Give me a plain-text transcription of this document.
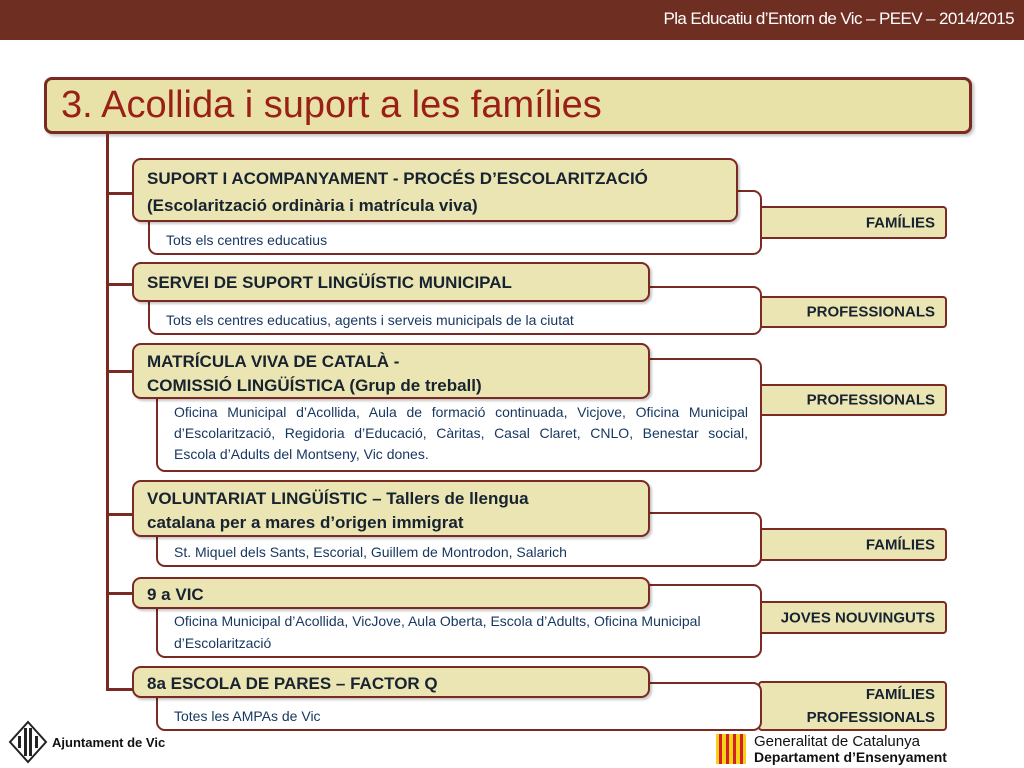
Pla Educatiu d’Entorn de Vic – PEEV – 2014/2015
3. Acollida i suport a les famílies
FAMÍLIES
Tots els centres educatius
SUPORT I ACOMPANYAMENT - PROCÉS D’ESCOLARITZACIÓ
(Escolarització ordinària i matrícula viva)
PROFESSIONALS
Tots els centres educatius, agents i serveis municipals de la ciutat
SERVEI DE SUPORT LINGÜÍSTIC MUNICIPAL
PROFESSIONALS
Oficina Municipal d’Acollida, Aula de formació continuada, Vicjove, Oficina Municipal d’Escolarització, Regidoria d’Educació, Càritas, Casal Claret, CNLO, Benestar social, Escola d’Adults del Montseny, Vic dones.
MATRÍCULA VIVA DE CATALÀ -
COMISSIÓ LINGÜÍSTICA (Grup de treball)
FAMÍLIES
St. Miquel dels Sants, Escorial, Guillem de Montrodon, Salarich
VOLUNTARIAT LINGÜÍSTIC – Tallers de llengua
catalana per a mares d’origen immigrat
JOVES NOUVINGUTS
Oficina Municipal d’Acollida, VicJove, Aula Oberta, Escola d’Adults, Oficina Municipal d’Escolarització
9 a VIC
FAMÍLIES
PROFESSIONALS
Totes les AMPAs de Vic
8a ESCOLA DE PARES – FACTOR Q
Ajuntament de Vic	Generalitat de Catalunya
Departament d’Ensenyament
